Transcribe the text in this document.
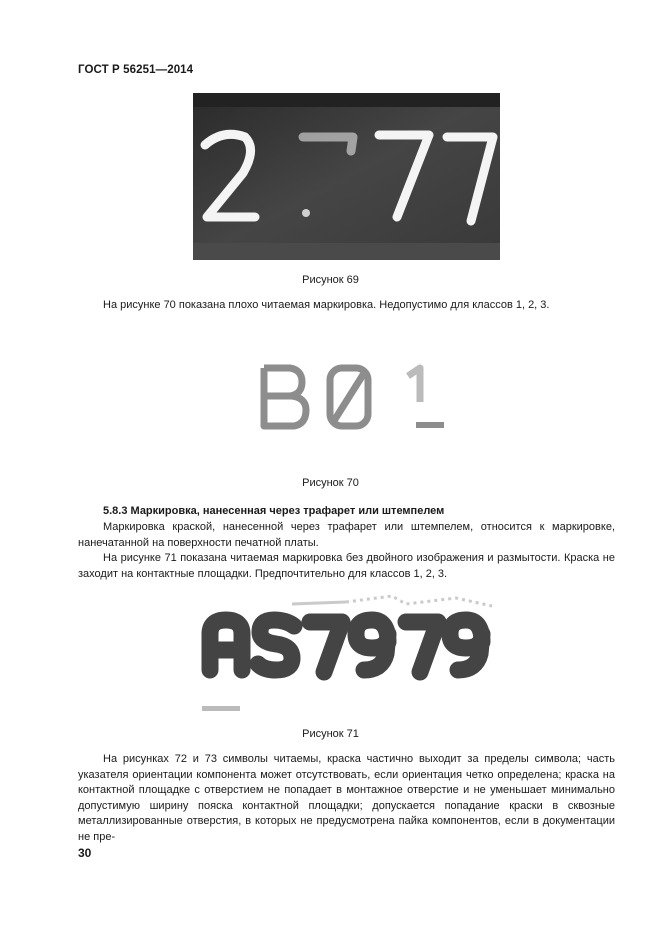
ГОСТ Р 56251—2014
Рисунок 69
На рисунке 70 показана плохо читаемая маркировка. Недопустимо для классов 1, 2, 3.
Рисунок 70
5.8.3 Маркировка, нанесенная через трафарет или штемпелем
Маркировка краской, нанесенной через трафарет или штемпелем, относится к маркировке, нанечатанной на поверхности печатной платы.
На рисунке 71 показана читаемая маркировка без двойного изображения и размытости. Краска не заходит на контактные площадки. Предпочтительно для классов 1, 2, 3.
Рисунок 71
На рисунках 72 и 73 символы читаемы, краска частично выходит за пределы символа; часть указателя ориентации компонента может отсутствовать, если ориентация четко определена; краска на контактной площадке с отверстием не попадает в монтажное отверстие и не уменьшает минимально допустимую ширину пояска контактной площадки; допускается попадание краски в сквозные металлизированные отверстия, в которых не предусмотрена пайка компонентов, если в документации не пре-
30
